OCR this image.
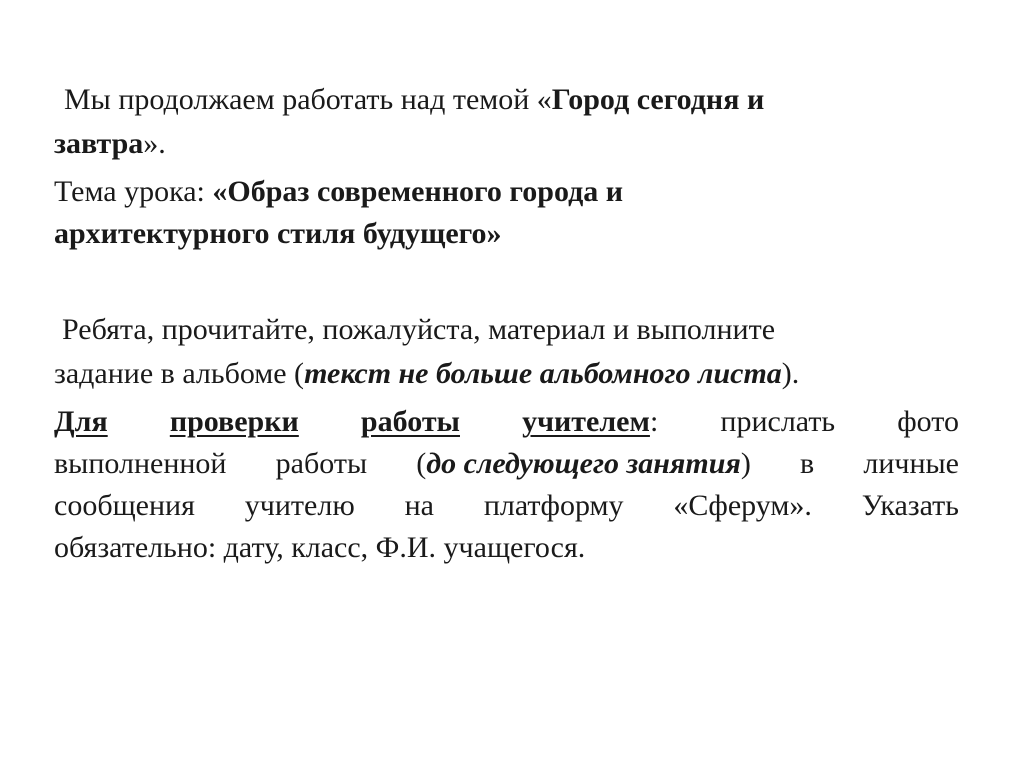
Мы продолжаем работать над темой «Город сегодня и
завтра».
Тема урока: «Образ современного города и
архитектурного стиля будущего»
Ребята, прочитайте, пожалуйста, материал и выполните
задание в альбоме (текст не больше альбомного листа).
Для проверки работы учителем: прислать фото
выполненной работы (до следующего занятия) в личные
сообщения учителю на платформу «Сферум». Указать
обязательно: дату, класс, Ф.И. учащегося.
